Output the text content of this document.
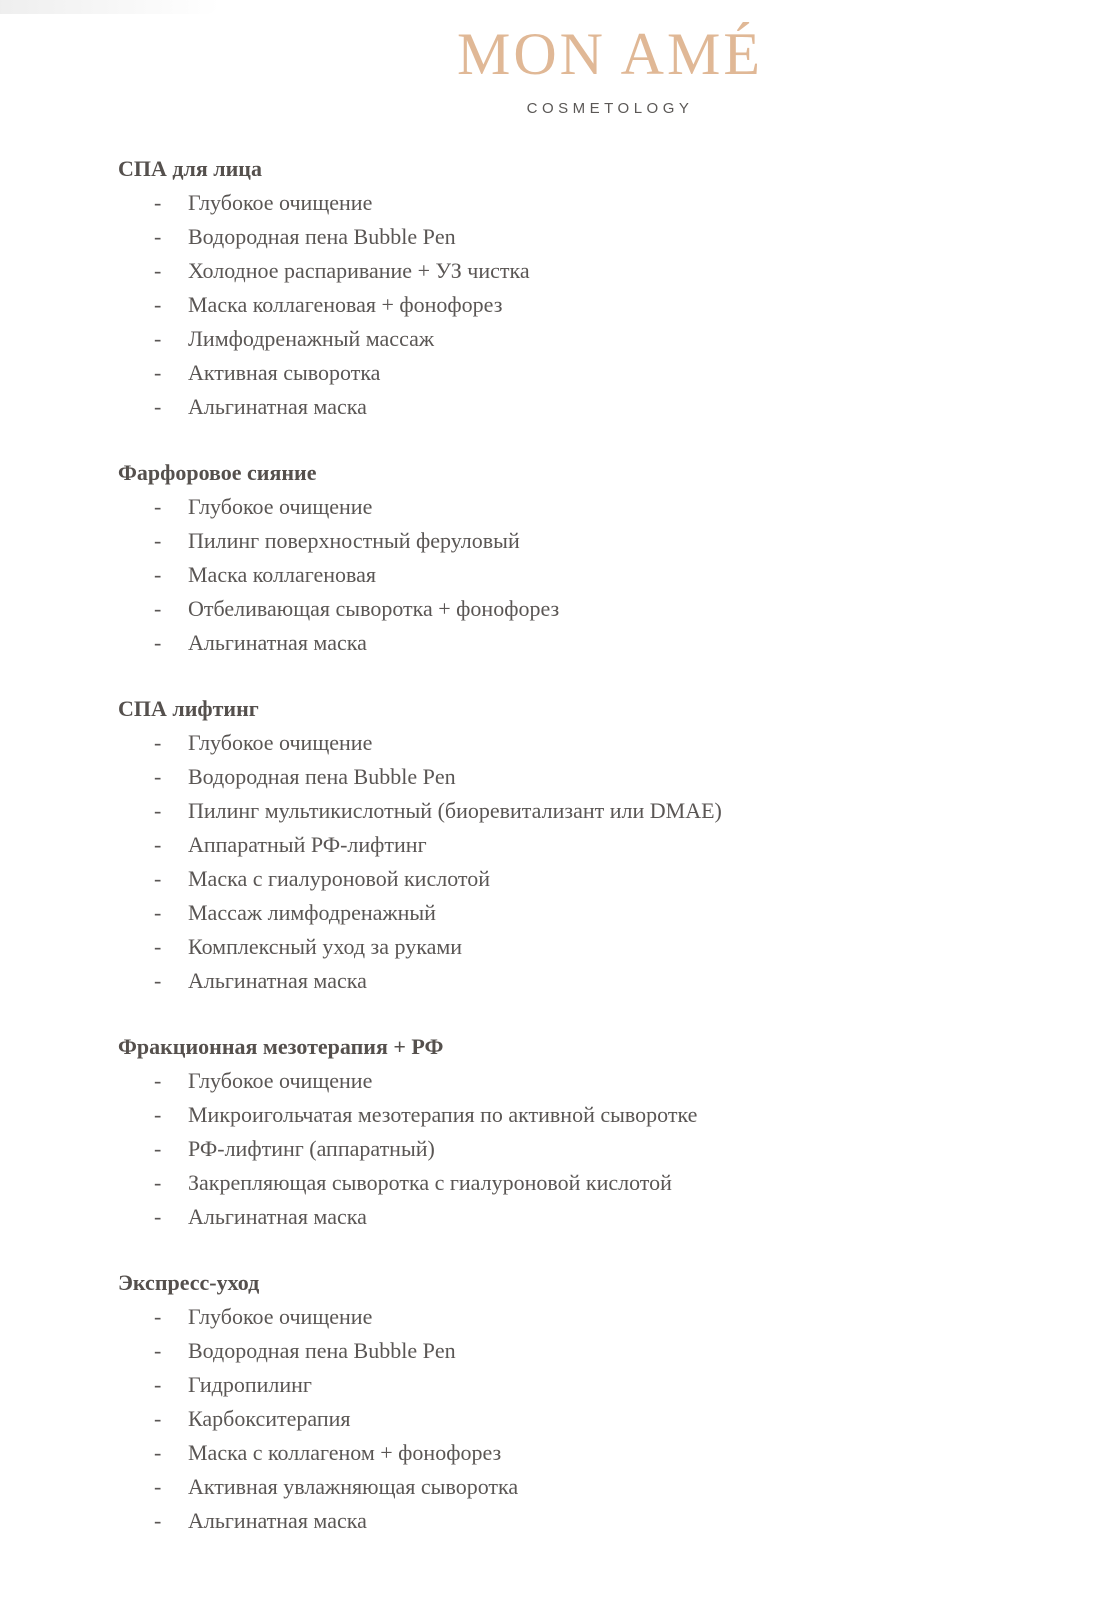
MON AMÉ
COSMETOLOGY
СПА для лица
- Глубокое очищение
- Водородная пена Bubble Pen
- Холодное распаривание + УЗ чистка
- Маска коллагеновая + фонофорез
- Лимфодренажный массаж
- Активная сыворотка
- Альгинатная маска
Фарфоровое сияние
- Глубокое очищение
- Пилинг поверхностный феруловый
- Маска коллагеновая
- Отбеливающая сыворотка + фонофорез
- Альгинатная маска
СПА лифтинг
- Глубокое очищение
- Водородная пена Bubble Pen
- Пилинг мультикислотный (биоревитализант или DMAE)
- Аппаратный РФ-лифтинг
- Маска с гиалуроновой кислотой
- Массаж лимфодренажный
- Комплексный уход за руками
- Альгинатная маска
Фракционная мезотерапия + РФ
- Глубокое очищение
- Микроигольчатая мезотерапия по активной сыворотке
- РФ-лифтинг (аппаратный)
- Закрепляющая сыворотка с гиалуроновой кислотой
- Альгинатная маска
Экспресс-уход
- Глубокое очищение
- Водородная пена Bubble Pen
- Гидропилинг
- Карбокситерапия
- Маска с коллагеном + фонофорез
- Активная увлажняющая сыворотка
- Альгинатная маска
